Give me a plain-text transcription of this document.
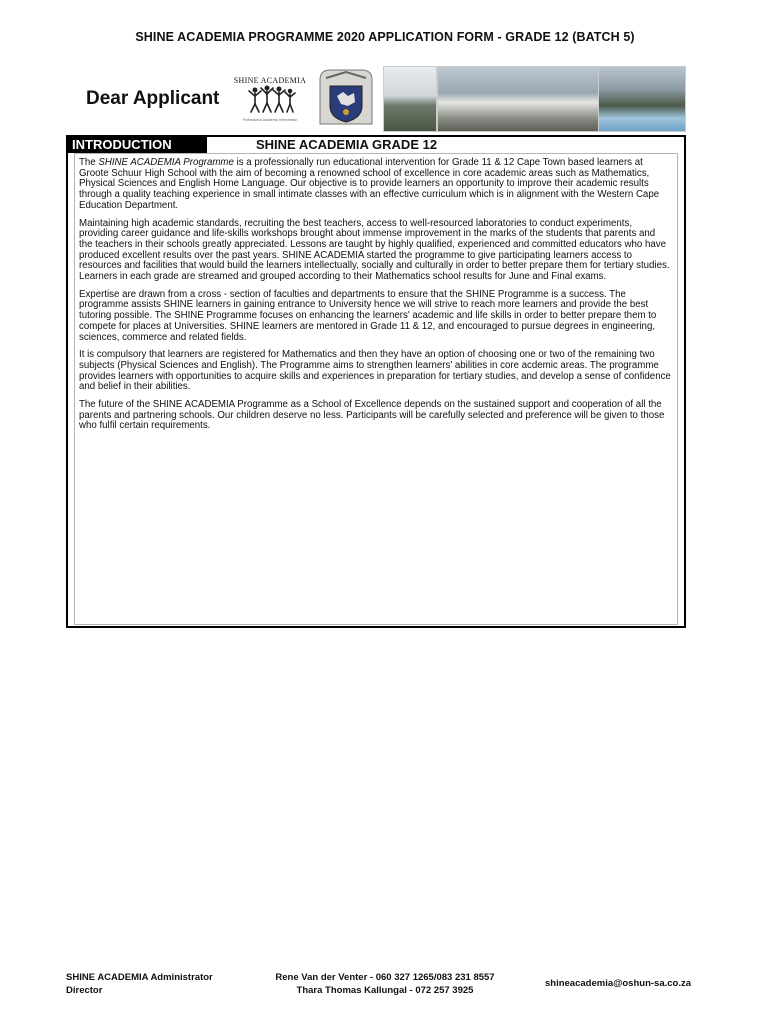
SHINE ACADEMIA PROGRAMME 2020 APPLICATION FORM - GRADE 12 (BATCH 5)
Dear Applicant
SHINE ACADEMIA
Professional Academic Intervention
INTRODUCTION	SHINE ACADEMIA GRADE 12

The SHINE ACADEMIA Programme is a professionally run educational intervention for Grade 11 & 12 Cape Town based learners at Groote Schuur High School with the aim of becoming a renowned school of excellence in core academic areas such as Mathematics, Physical Sciences and English Home Language. Our objective is to provide learners an opportunity to improve their academic results through a quality teaching experience in small intimate classes with an effective curriculum which is in alignment with the Western Cape Education Department.

Maintaining high academic standards, recruiting the best teachers, access to well-resourced laboratories to conduct experiments, providing career guidance and life-skills workshops brought about immense improvement in the marks of the students that parents and the teachers in their schools greatly appreciated. Lessons are taught by highly qualified, experienced and committed educators who have produced excellent results over the past years. SHINE ACADEMIA started the programme to give participating learners access to resources and facilities that would build the learners intellectually, socially and culturally in order to better prepare them for tertiary studies. Learners in each grade are streamed and grouped according to their Mathematics school results for June and Final exams.

Expertise are drawn from a cross - section of faculties and departments to ensure that the SHINE Programme is a success. The programme assists SHINE learners in gaining entrance to University hence we will strive to reach more learners and provide the best tutoring possible. The SHINE Programme focuses on enhancing the learners' academic and life skills in order to better prepare them to compete for places at Universities. SHINE learners are mentored in Grade 11 & 12, and encouraged to pursue degrees in engineering, sciences, commerce and related fields.

It is compulsory that learners are registered for Mathematics and then they have an option of choosing one or two of the remaining two subjects (Physical Sciences and English). The Programme aims to strengthen learners' abilities in core acdemic areas. The programme provides learners with opportunities to acquire skills and experiences in preparation for tertiary studies, and develop a sense of confidence and belief in their abilities.

The future of the SHINE ACADEMIA Programme as a School of Excellence depends on the sustained support and cooperation of all the parents and partnering schools. Our children deserve no less. Participants will be carefully selected and preference will be given to those who fulfil certain requirements.

SHINE ACADEMIA Administrator
Director
Rene Van der Venter - 060 327 1265/083 231 8557
Thara Thomas Kallungal - 072 257 3925
shineacademia@oshun-sa.co.za
